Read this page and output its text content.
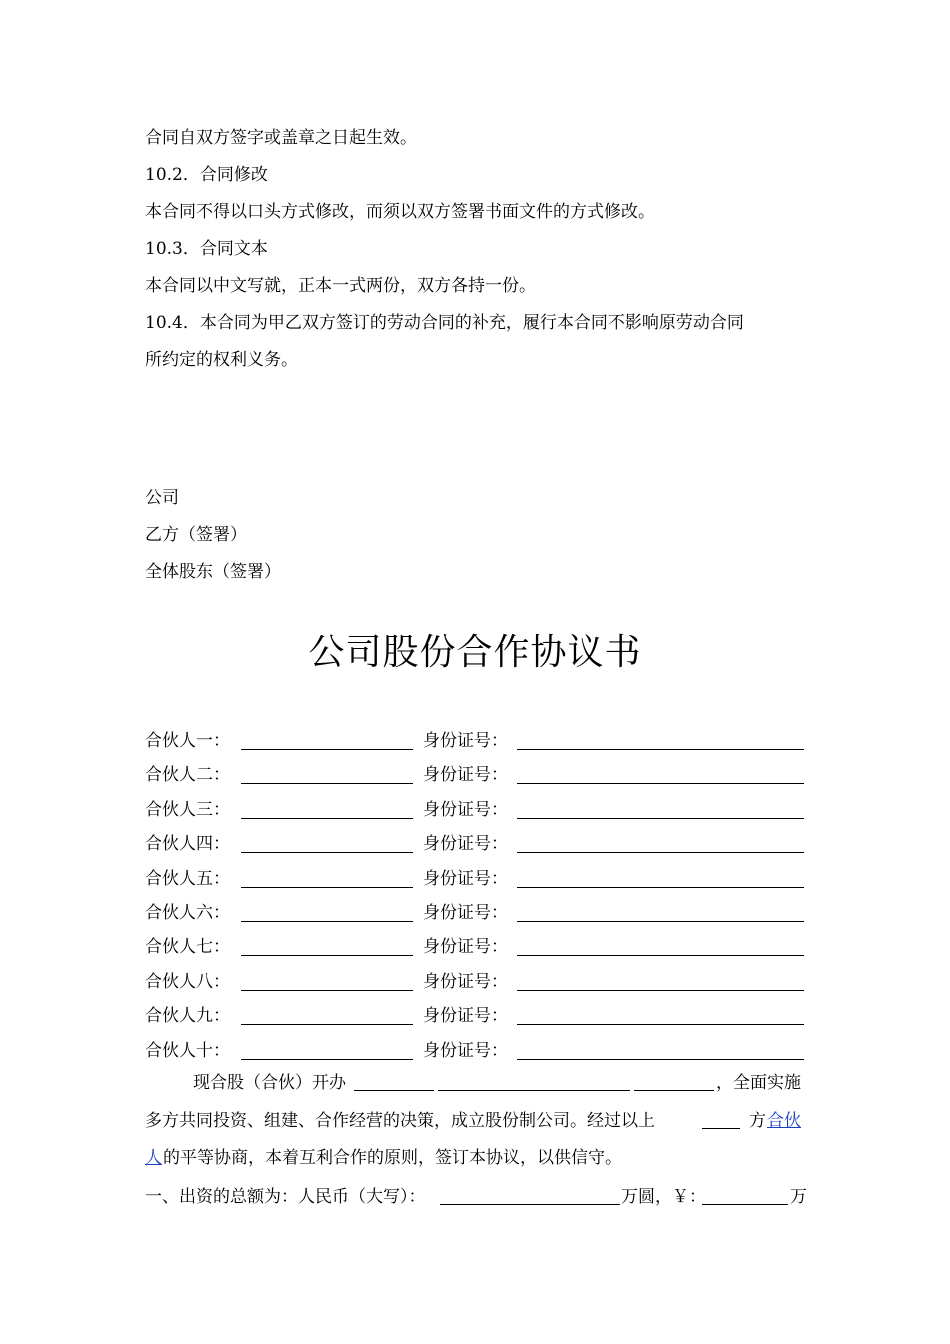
合同自双方签字或盖章之日起生效。
10.2．合同修改
本合同不得以口头方式修改，而须以双方签署书面文件的方式修改。
10.3．合同文本
本合同以中文写就，正本一式两份，双方各持一份。
10.4．本合同为甲乙双方签订的劳动合同的补充，履行本合同不影响原劳动合同
所约定的权利义务。
公司
乙方（签署）
全体股东（签署）
公司股份合作协议书
合伙人一：	身份证号：
合伙人二：	身份证号：
合伙人三：	身份证号：
合伙人四：	身份证号：
合伙人五：	身份证号：
合伙人六：	身份证号：
合伙人七：	身份证号：
合伙人八：	身份证号：
合伙人九：	身份证号：
合伙人十：	身份证号：
现合股（合伙）开办	，全面实施
多方共同投资、组建、合作经营的决策，成立股份制公司。经过以上	方 合伙
人 的平等协商，本着互利合作的原则，签订本协议，以供信守。
一、出资的总额为：人民币（大写）：	万圆，￥：	万
